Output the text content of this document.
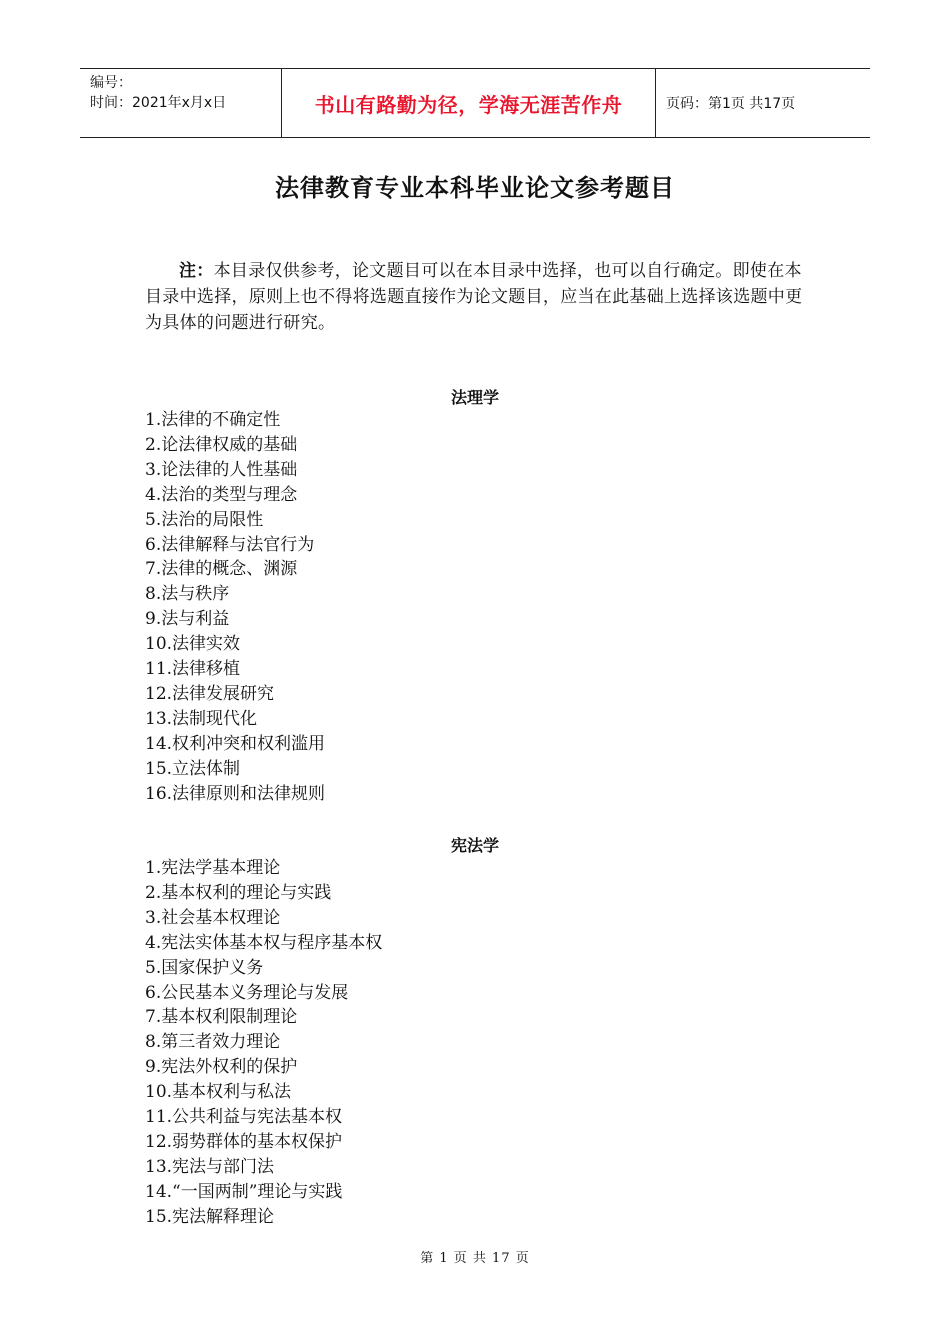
编号：
时间：2021年x月x日	书山有路勤为径，学海无涯苦作舟	页码：第1页 共17页
法律教育专业本科毕业论文参考题目
注：本目录仅供参考，论文题目可以在本目录中选择，也可以自行确定。即使在本目录中选择，原则上也不得将选题直接作为论文题目，应当在此基础上选择该选题中更为具体的问题进行研究。
法理学
1.法律的不确定性
2.论法律权威的基础
3.论法律的人性基础
4.法治的类型与理念
5.法治的局限性
6.法律解释与法官行为
7.法律的概念、渊源
8.法与秩序
9.法与利益
10.法律实效
11.法律移植
12.法律发展研究
13.法制现代化
14.权利冲突和权利滥用
15.立法体制
16.法律原则和法律规则
宪法学
1.宪法学基本理论
2.基本权利的理论与实践
3.社会基本权理论
4.宪法实体基本权与程序基本权
5.国家保护义务
6.公民基本义务理论与发展
7.基本权利限制理论
8.第三者效力理论
9.宪法外权利的保护
10.基本权利与私法
11.公共利益与宪法基本权
12.弱势群体的基本权保护
13.宪法与部门法
14.“一国两制”理论与实践
15.宪法解释理论
第 1 页 共 17 页
